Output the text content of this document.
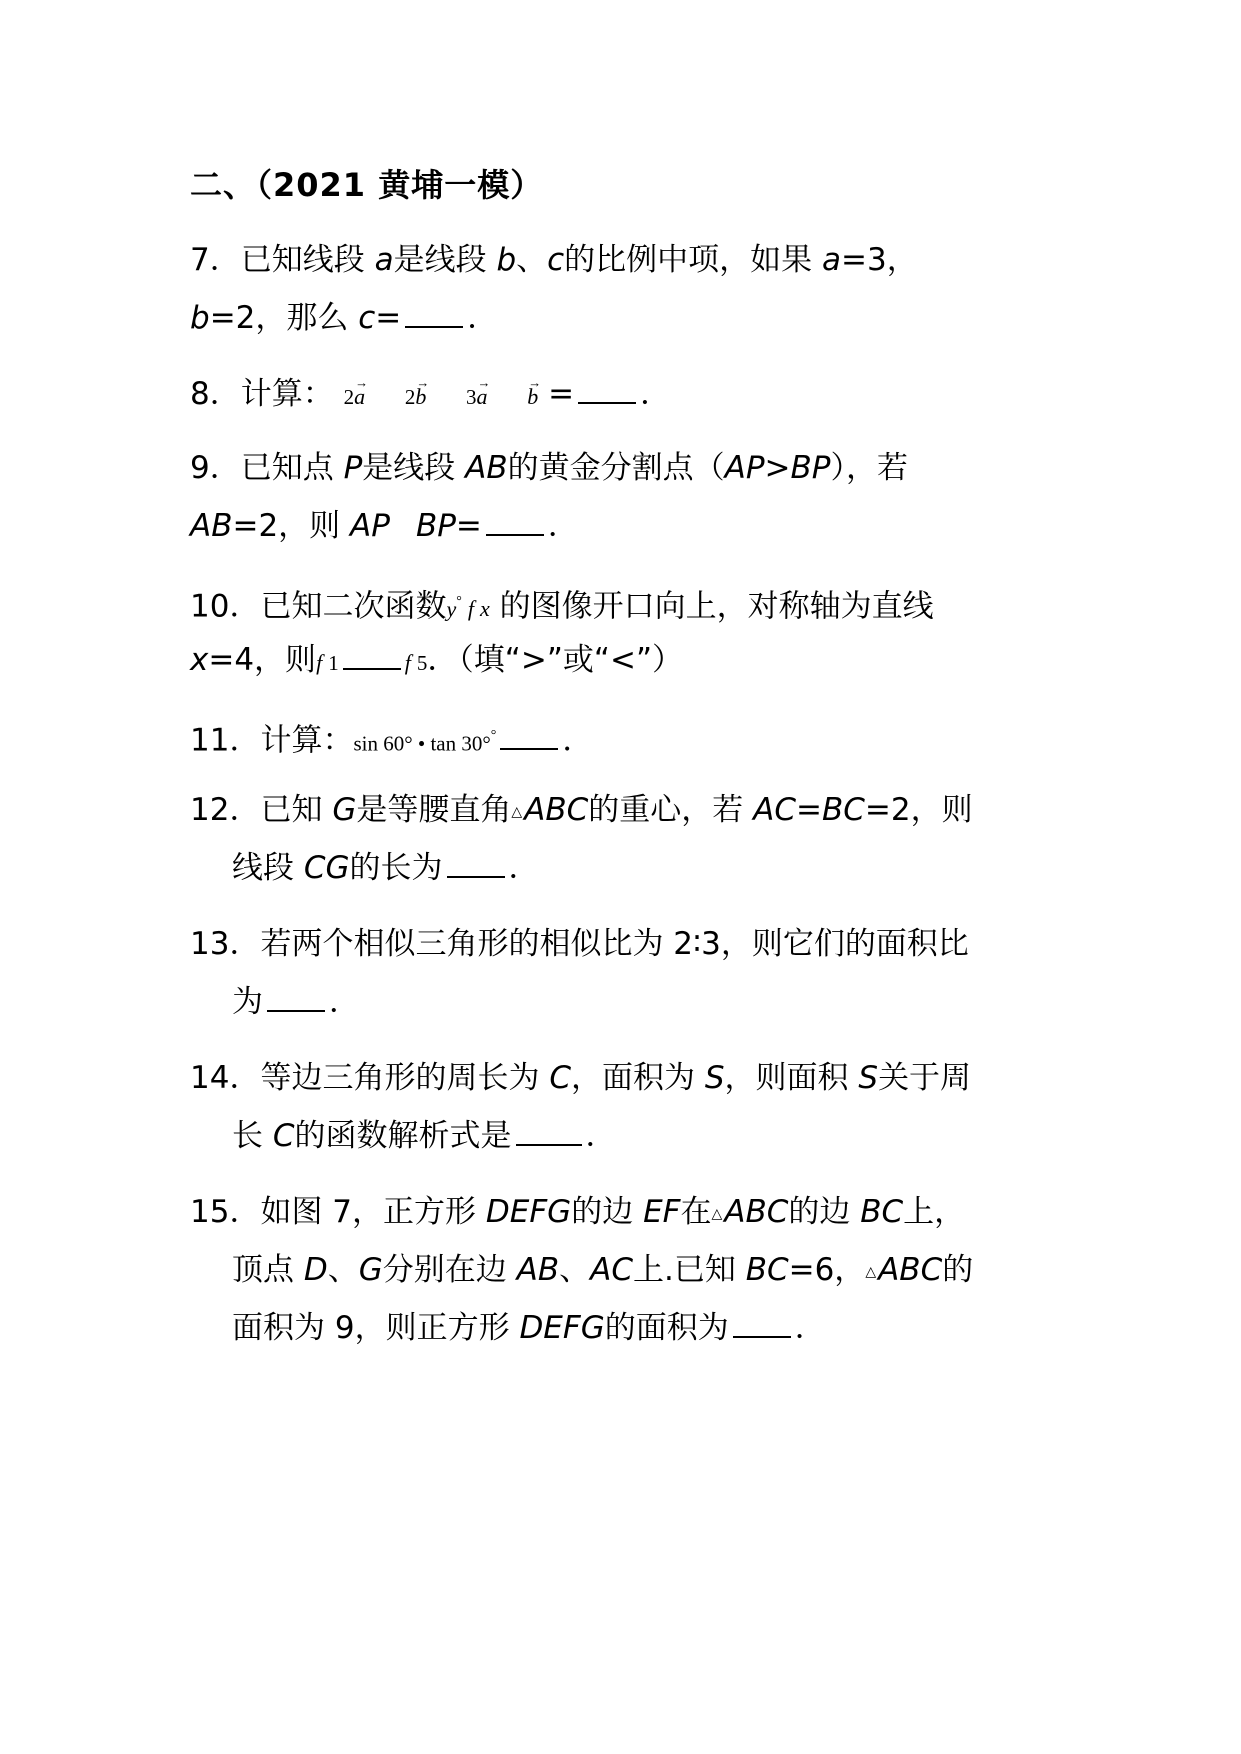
二、（2021 黄埔一模）
7．已知线段 a是线段 b、c的比例中项，如果 a=3，
b=2，那么 c= ．
8．计算： 2→ a 2→ b 3→ a  → b = ．
9．已知点 P是线段 AB的黄金分割点（AP>BP），若
AB=2，则 AP BP= ．
10．已知二次函数y° f x 的图像开口向上，对称轴为直线
x=4，则f 1	f 5．（填“>”或“<”）
11．计算：sin 60° • tan 30°° ．
12．已知 G是等腰直角△ABC的重心，若 AC=BC=2，则
线段 CG的长为 ．
13．若两个相似三角形的相似比为 2∶3，则它们的面积比
为 ．
14．等边三角形的周长为 C，面积为 S，则面积 S关于周
长 C的函数解析式是 ．
15．如图 7，正方形 DEFG的边 EF在△ABC的边 BC上，
顶点 D、G分别在边 AB、AC上.已知 BC=6，△ABC的
面积为 9，则正方形 DEFG的面积为 ．
